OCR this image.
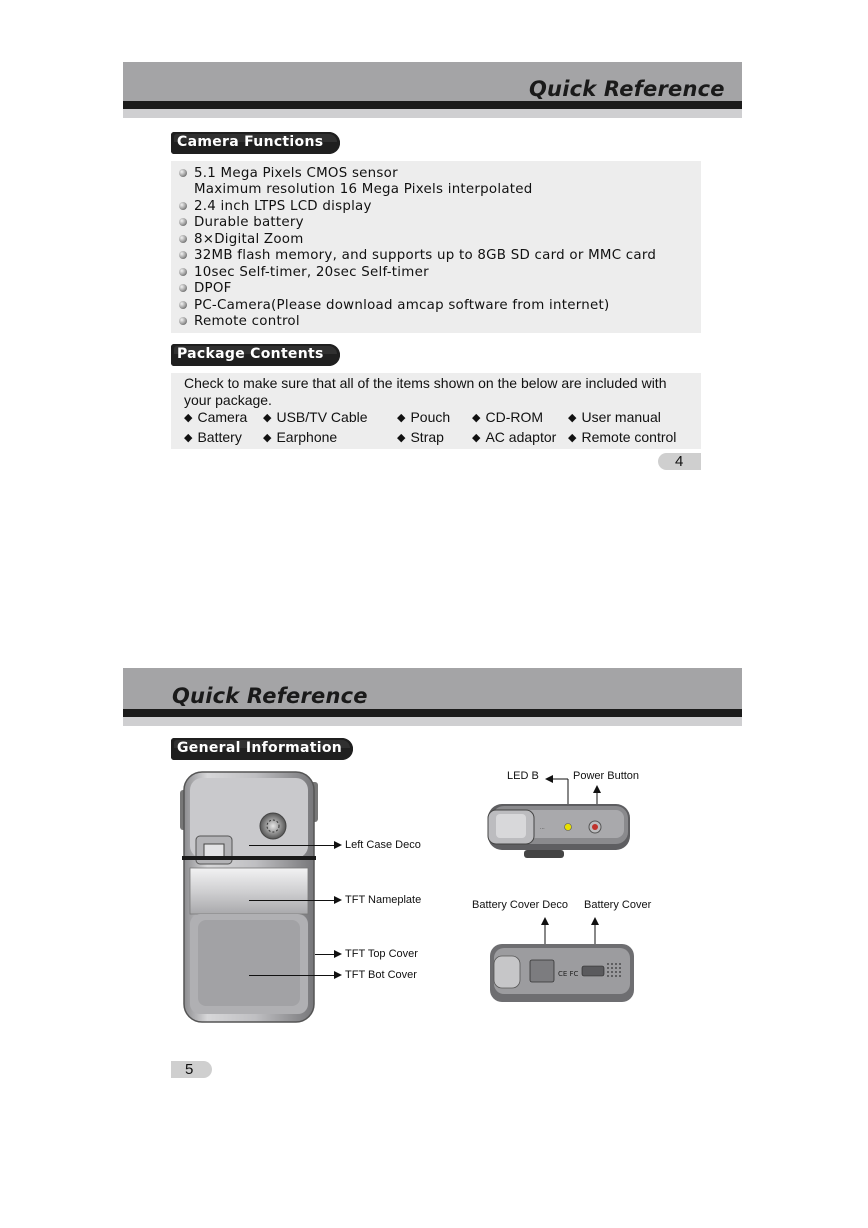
Quick Reference
Camera Functions
5.1 Mega Pixels CMOS sensor
Maximum resolution 16 Mega Pixels interpolated
2.4 inch LTPS LCD display
Durable battery
8×Digital Zoom
32MB flash memory, and supports up to 8GB SD card or MMC card
10sec Self-timer, 20sec Self-timer
DPOF
PC-Camera(Please download amcap software from internet)
Remote control
Package Contents
Check to make sure that all of the items shown on the below are included with
your package.
◆ Camera ◆ USB/TV Cable	◆ Pouch ◆ CD-ROM ◆ User manual
◆ Battery ◆ Earphone	◆ Strap	◆ AC adaptor ◆ Remote control
4
Quick Reference
General Information
Left Case Deco
TFT Nameplate
TFT Top Cover
TFT Bot Cover
LED B	Power Button
···
Battery Cover Deco Battery Cover
CE FC
5
